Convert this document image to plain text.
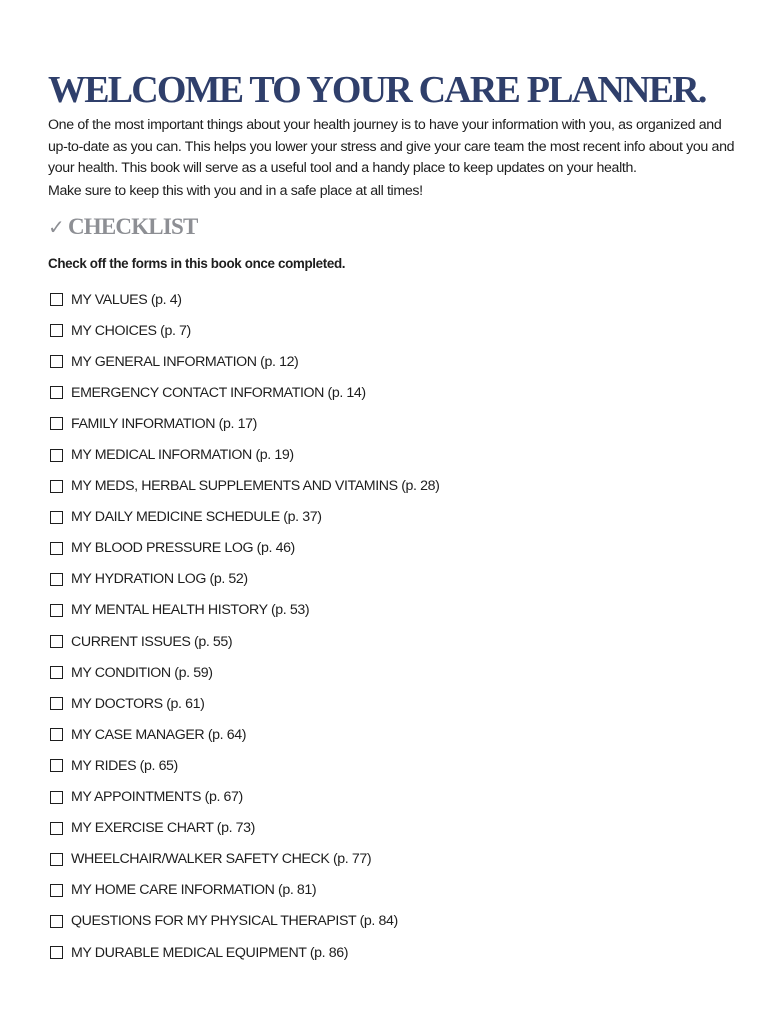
WELCOME TO YOUR CARE PLANNER.

One of the most important things about your health journey is to have your information with you, as organized and up-to-date as you can. This helps you lower your stress and give your care team the most recent info about you and your health. This book will serve as a useful tool and a handy place to keep updates on your health.

Make sure to keep this with you and in a safe place at all times!

✓ CHECKLIST

Check off the forms in this book once completed.

MY VALUES (p. 4)
MY CHOICES (p. 7)
MY GENERAL INFORMATION (p. 12)
EMERGENCY CONTACT INFORMATION (p. 14)
FAMILY INFORMATION (p. 17)
MY MEDICAL INFORMATION (p. 19)
MY MEDS, HERBAL SUPPLEMENTS AND VITAMINS (p. 28)
MY DAILY MEDICINE SCHEDULE (p. 37)
MY BLOOD PRESSURE LOG (p. 46)
MY HYDRATION LOG (p. 52)
MY MENTAL HEALTH HISTORY (p. 53)
CURRENT ISSUES (p. 55)
MY CONDITION (p. 59)
MY DOCTORS (p. 61)
MY CASE MANAGER (p. 64)
MY RIDES (p. 65)
MY APPOINTMENTS (p. 67)
MY EXERCISE CHART (p. 73)
WHEELCHAIR/WALKER SAFETY CHECK (p. 77)
MY HOME CARE INFORMATION (p. 81)
QUESTIONS FOR MY PHYSICAL THERAPIST (p. 84)
MY DURABLE MEDICAL EQUIPMENT (p. 86)
